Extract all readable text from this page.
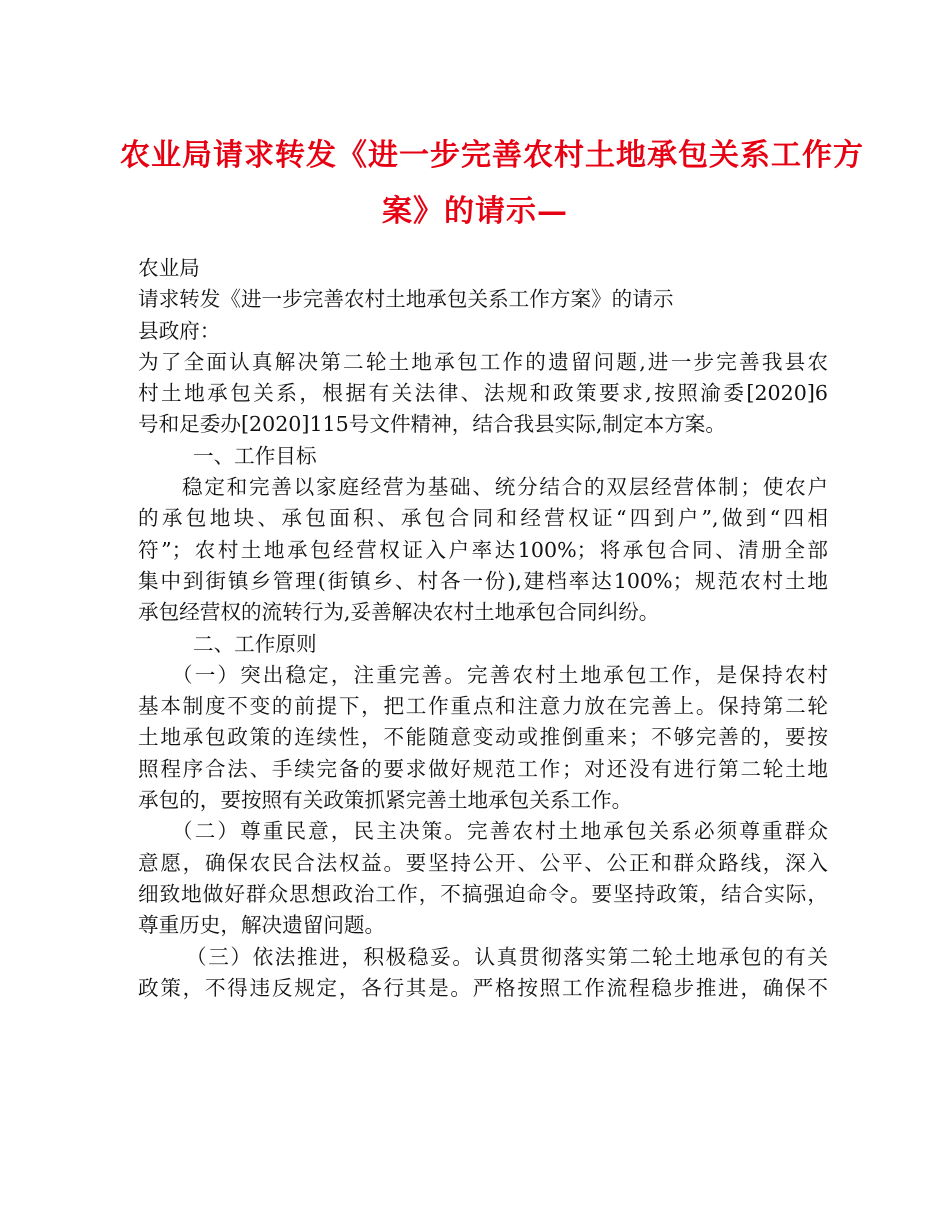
农业局请求转发《进一步完善农村土地承包关系工作方
案》的请示—
农业局
请求转发《进一步完善农村土地承包关系工作方案》的请示
县政府：
为了全面认真解决第二轮土地承包工作的遗留问题,进一步完善我县农
村土地承包关系，根据有关法律、法规和政策要求,按照渝委[2020]6
号和足委办[2020]115号文件精神，结合我县实际,制定本方案。
一、工作目标
稳定和完善以家庭经营为基础、统分结合的双层经营体制；使农户
的承包地块、承包面积、承包合同和经营权证“四到户”,做到“四相
符”；农村土地承包经营权证入户率达100%；将承包合同、清册全部
集中到街镇乡管理(街镇乡、村各一份),建档率达100%；规范农村土地
承包经营权的流转行为,妥善解决农村土地承包合同纠纷。
二、工作原则
（一）突出稳定，注重完善。完善农村土地承包工作，是保持农村
基本制度不变的前提下，把工作重点和注意力放在完善上。保持第二轮
土地承包政策的连续性，不能随意变动或推倒重来；不够完善的，要按
照程序合法、手续完备的要求做好规范工作；对还没有进行第二轮土地
承包的，要按照有关政策抓紧完善土地承包关系工作。
（二）尊重民意，民主决策。完善农村土地承包关系必须尊重群众
意愿，确保农民合法权益。要坚持公开、公平、公正和群众路线，深入
细致地做好群众思想政治工作，不搞强迫命令。要坚持政策，结合实际，
尊重历史，解决遗留问题。
（三）依法推进，积极稳妥。认真贯彻落实第二轮土地承包的有关
政策，不得违反规定，各行其是。严格按照工作流程稳步推进，确保不
